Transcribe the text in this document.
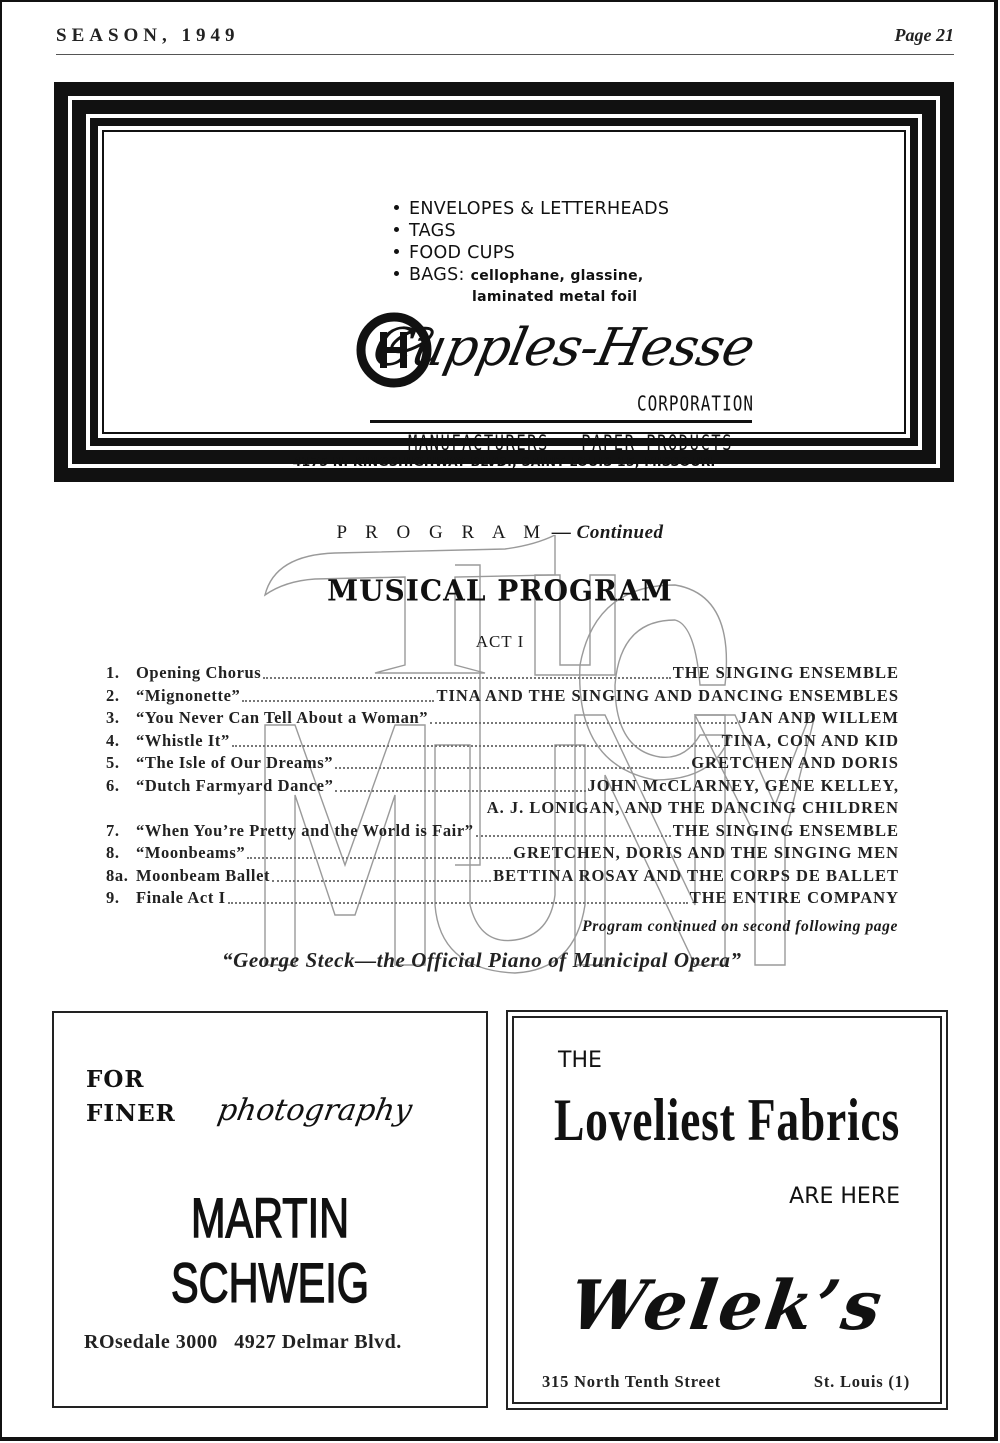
SEASON, 1949	Page 21
ENVELOPES & LETTERHEADS
TAGS
FOOD CUPS
BAGS: cellophane, glassine,
laminated metal foil
Cupples-Hesse
CORPORATION
MANUFACTURERS — PAPER PRODUCTS
4175 N. KINGSHIGHWAY BLVD., SAINT LOUIS 15, MISSOURI
P R O G R A M — Continued
MUSICAL PROGRAM
ACT I
1. Opening Chorus	THE SINGING ENSEMBLE
2. “Mignonette”	TINA AND THE SINGING AND DANCING ENSEMBLES
3. “You Never Can Tell About a Woman”	JAN AND WILLEM
4. “Whistle It”	TINA, CON AND KID
5. “The Isle of Our Dreams”	GRETCHEN AND DORIS
6. “Dutch Farmyard Dance”	JOHN McCLARNEY, GENE KELLEY,
A. J. LONIGAN, AND THE DANCING CHILDREN
7. “When You’re Pretty and the World is Fair”	THE SINGING ENSEMBLE
8. “Moonbeams”	GRETCHEN, DORIS AND THE SINGING MEN
8a. Moonbeam Ballet	BETTINA ROSAY AND THE CORPS DE BALLET
9. Finale Act I	THE ENTIRE COMPANY
Program continued on second following page
“George Steck—the Official Piano of Municipal Opera”
FOR
FINER photography
MARTIN SCHWEIG
ROsedale 3000   4927 Delmar Blvd.
THE
Loveliest Fabrics
ARE HERE
Welek’s
315 North Tenth Street	St. Louis (1)
